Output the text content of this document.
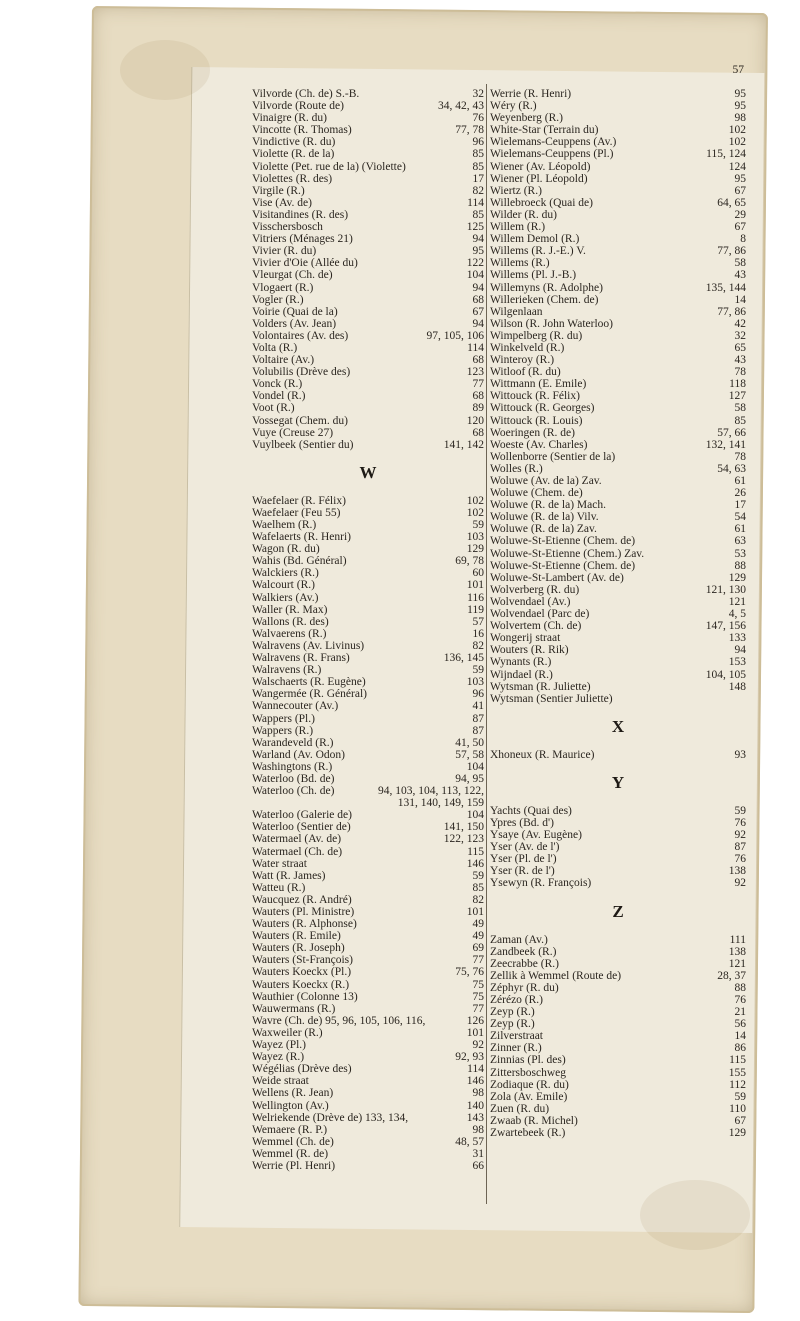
57
Vilvorde (Ch. de) S.-B.	32
Vilvorde (Route de)	34, 42, 43
Vinaigre (R. du)	76
Vincotte (R. Thomas)	77, 78
Vindictive (R. du)	96
Violette (R. de la)	85
Violette (Pet. rue de la) (Violette)	85
Violettes (R. des)	17
Virgile (R.)	82
Vise (Av. de)	114
Visitandines (R. des)	85
Visschersbosch	125
Vitriers (Ménages 21)	94
Vivier (R. du)	95
Vivier d'Oie (Allée du)	122
Vleurgat (Ch. de)	104
Vlogaert (R.)	94
Vogler (R.)	68
Voirie (Quai de la)	67
Volders (Av. Jean)	94
Volontaires (Av. des)	97, 105, 106
Volta (R.)	114
Voltaire (Av.)	68
Volubilis (Drève des)	123
Vonck (R.)	77
Vondel (R.)	68
Voot (R.)	89
Vossegat (Chem. du)	120
Vuye (Creuse 27)	68
Vuylbeek (Sentier du)	141, 142
W
Waefelaer (R. Félix)	102
Waefelaer (Feu 55)	102
Waelhem (R.)	59
Wafelaerts (R. Henri)	103
Wagon (R. du)	129
Wahis (Bd. Général)	69, 78
Walckiers (R.)	60
Walcourt (R.)	101
Walkiers (Av.)	116
Waller (R. Max)	119
Wallons (R. des)	57
Walvaerens (R.)	16
Walravens (Av. Livinus)	82
Walravens (R. Frans)	136, 145
Walravens (R.)	59
Walschaerts (R. Eugène)	103
Wangermée (R. Général)	96
Wannecouter (Av.)	41
Wappers (Pl.)	87
Wappers (R.)	87
Warandeveld (R.)	41, 50
Warland (Av. Odon)	57, 58
Washingtons (R.)	104
Waterloo (Bd. de)	94, 95
Waterloo (Ch. de)	94, 103, 104, 113, 122,
131, 140, 149, 159
Waterloo (Galerie de)	104
Waterloo (Sentier de)	141, 150
Watermael (Av. de)	122, 123
Watermael (Ch. de)	115
Water straat	146
Watt (R. James)	59
Watteu (R.)	85
Waucquez (R. André)	82
Wauters (Pl. Ministre)	101
Wauters (R. Alphonse)	49
Wauters (R. Emile)	49
Wauters (R. Joseph)	69
Wauters (St-François)	77
Wauters Koeckx (Pl.)	75, 76
Wauters Koeckx (R.)	75
Wauthier (Colonne 13)	75
Wauwermans (R.)	77
Wavre (Ch. de) 95, 96, 105, 106, 116,	126
Waxweiler (R.)	101
Wayez (Pl.)	92
Wayez (R.)	92, 93
Wégélias (Drève des)	114
Weide straat	146
Wellens (R. Jean)	98
Wellington (Av.)	140
Welriekende (Drève de) 133, 134,	143
Wemaere (R. P.)	98
Wemmel (Ch. de)	48, 57
Wemmel (R. de)	31
Werrie (Pl. Henri)	66
Werrie (R. Henri)	95
Wéry (R.)	95
Weyenberg (R.)	98
White-Star (Terrain du)	102
Wielemans-Ceuppens (Av.)	102
Wielemans-Ceuppens (Pl.)	115, 124
Wiener (Av. Léopold)	124
Wiener (Pl. Léopold)	95
Wiertz (R.)	67
Willebroeck (Quai de)	64, 65
Wilder (R. du)	29
Willem (R.)	67
Willem Demol (R.)	8
Willems (R. J.-E.) V.	77, 86
Willems (R.)	58
Willems (Pl. J.-B.)	43
Willemyns (R. Adolphe)	135, 144
Willerieken (Chem. de)	14
Wilgenlaan	77, 86
Wilson (R. John Waterloo)	42
Wimpelberg (R. du)	32
Winkelveld (R.)	65
Winteroy (R.)	43
Witloof (R. du)	78
Wittmann (E. Emile)	118
Wittouck (R. Félix)	127
Wittouck (R. Georges)	58
Wittouck (R. Louis)	85
Woeringen (R. de)	57, 66
Woeste (Av. Charles)	132, 141
Wollenborre (Sentier de la)	78
Wolles (R.)	54, 63
Woluwe (Av. de la) Zav.	61
Woluwe (Chem. de)	26
Woluwe (R. de la) Mach.	17
Woluwe (R. de la) Vilv.	54
Woluwe (R. de la) Zav.	61
Woluwe-St-Etienne (Chem. de)	63
Woluwe-St-Etienne (Chem.) Zav.	53
Woluwe-St-Etienne (Chem. de)	88
Woluwe-St-Lambert (Av. de)	129
Wolverberg (R. du)	121, 130
Wolvendael (Av.)	121
Wolvendael (Parc de)	4, 5
Wolvertem (Ch. de)	147, 156
Wongerij straat	133
Wouters (R. Rik)	94
Wynants (R.)	153
Wijndael (R.)	104, 105
Wytsman (R. Juliette)	148
Wytsman (Sentier Juliette)
X
Xhoneux (R. Maurice)	93
Y
Yachts (Quai des)	59
Ypres (Bd. d')	76
Ysaye (Av. Eugène)	92
Yser (Av. de l')	87
Yser (Pl. de l')	76
Yser (R. de l')	138
Ysewyn (R. François)	92
Z
Zaman (Av.)	111
Zandbeek (R.)	138
Zeecrabbe (R.)	121
Zellik à Wemmel (Route de)	28, 37
Zéphyr (R. du)	88
Zérézo (R.)	76
Zeyp (R.)	21
Zeyp (R.)	56
Zilverstraat	14
Zinner (R.)	86
Zinnias (Pl. des)	115
Zittersboschweg	155
Zodiaque (R. du)	112
Zola (Av. Emile)	59
Zuen (R. du)	110
Zwaab (R. Michel)	67
Zwartebeek (R.)	129
